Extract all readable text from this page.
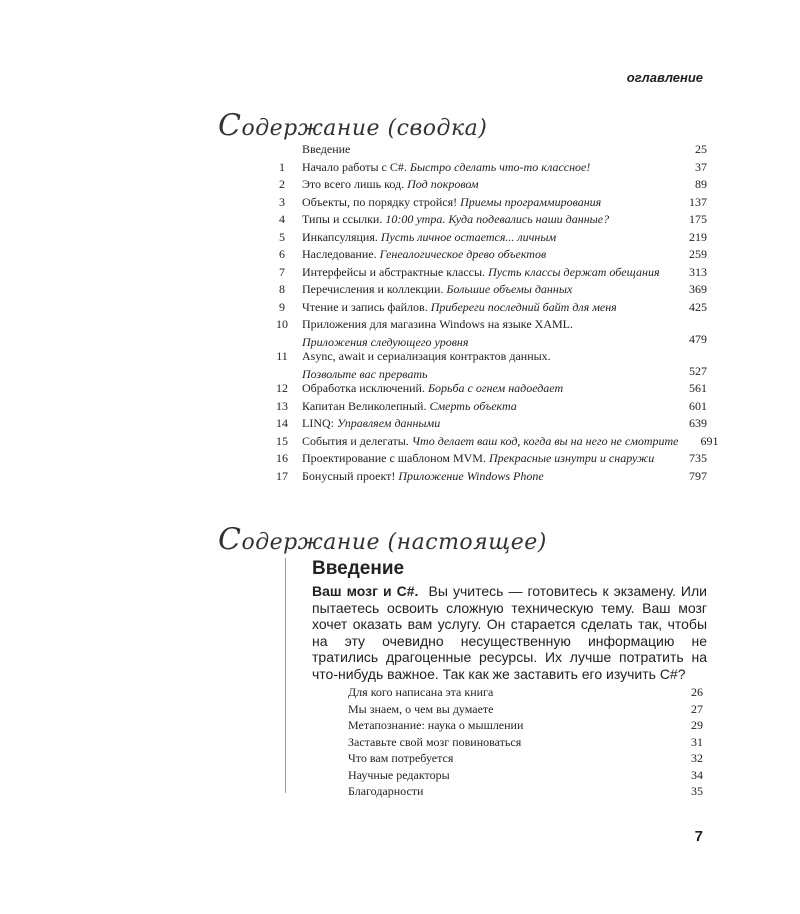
оглавление
Содержание (сводка)
Введение	25
1	Начало работы с C#. Быстро сделать что-то классное!	37
2	Это всего лишь код. Под покровом	89
3	Объекты, по порядку стройся! Приемы программирования	137
4	Типы и ссылки. 10:00 утра. Куда подевались наши данные?	175
5	Инкапсуляция. Пусть личное остается... личным	219
6	Наследование. Генеалогическое древо объектов	259
7	Интерфейсы и абстрактные классы. Пусть классы держат обещания	313
8	Перечисления и коллекции. Большие объемы данных	369
9	Чтение и запись файлов. Прибереги последний байт для меня	425
10	Приложения для магазина Windows на языке XAML.
Приложения следующего уровня	479
11	Async, await и сериализация контрактов данных.
Позвольте вас прервать	527
12	Обработка исключений. Борьба с огнем надоедает	561
13	Капитан Великолепный. Смерть объекта	601
14	LINQ: Управляем данными	639
15	События и делегаты. Что делает ваш код, когда вы на него не смотрите	691
16	Проектирование с шаблоном MVM. Прекрасные изнутри и снаружи	735
17	Бонусный проект! Приложение Windows Phone	797
Содержание (настоящее)
Введение

Ваш мозг и C#. Вы учитесь — готовитесь к экзамену. Или пытаетесь освоить сложную техническую тему. Ваш мозг хочет оказать вам услугу. Он старается сделать так, чтобы на эту очевидно несущественную информацию не тратились драгоценные ресурсы. Их лучше потратить на что-нибудь важное. Так как же заставить его изучить C#?

Для кого написана эта книга	26
Мы знаем, о чем вы думаете	27
Метапознание: наука о мышлении	29
Заставьте свой мозг повиноваться	31
Что вам потребуется	32
Научные редакторы	34
Благодарности	35
7
